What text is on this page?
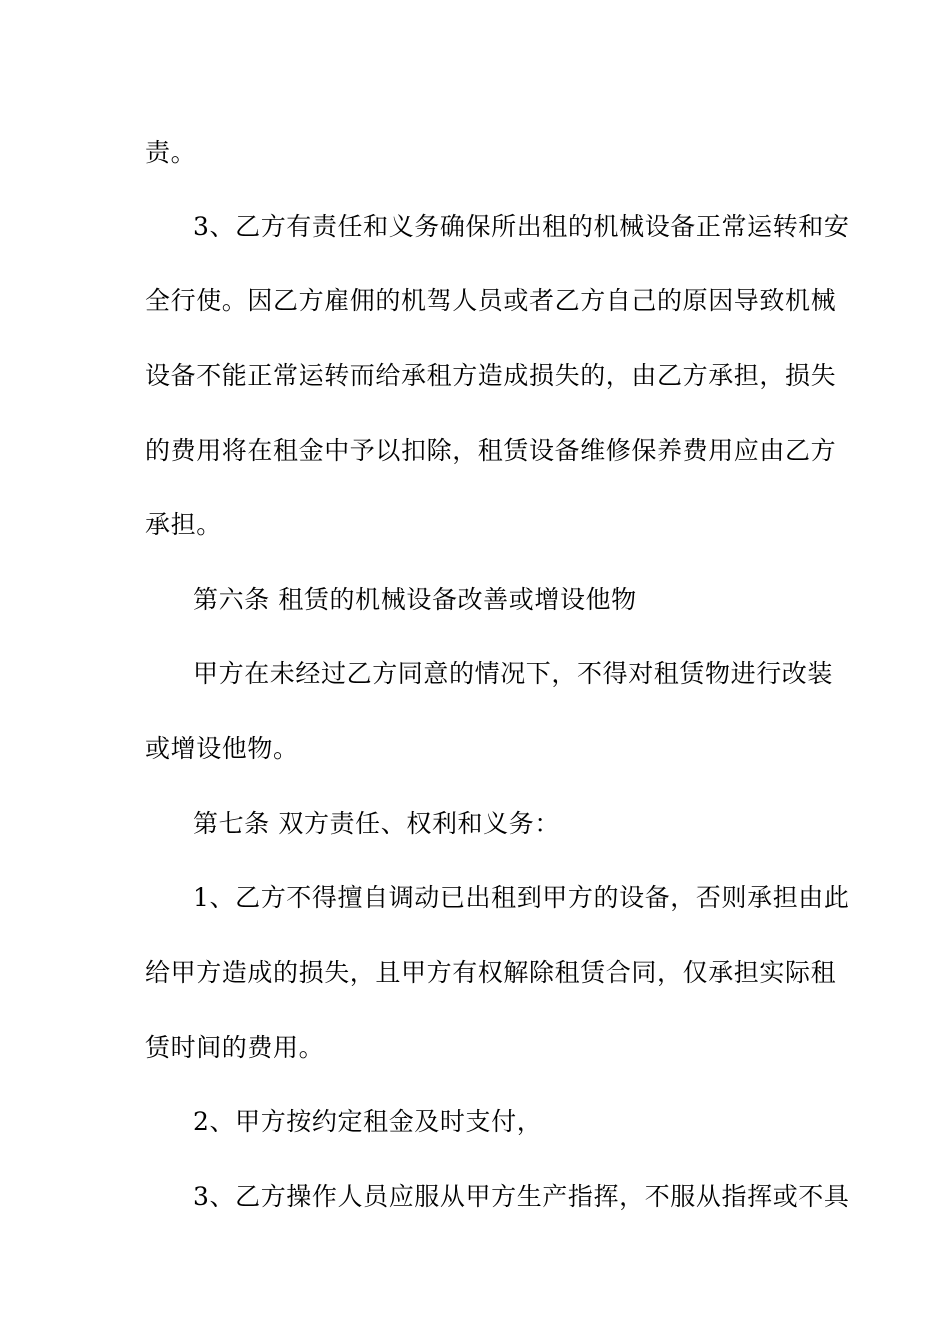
责。
3、乙方有责任和义务确保所出租的机械设备正常运转和安
全行使。因乙方雇佣的机驾人员或者乙方自己的原因导致机械
设备不能正常运转而给承租方造成损失的，由乙方承担，损失
的费用将在租金中予以扣除，租赁设备维修保养费用应由乙方
承担。
第六条 租赁的机械设备改善或增设他物
甲方在未经过乙方同意的情况下，不得对租赁物进行改装
或增设他物。
第七条 双方责任、权利和义务：
1、乙方不得擅自调动已出租到甲方的设备，否则承担由此
给甲方造成的损失，且甲方有权解除租赁合同，仅承担实际租
赁时间的费用。
2、甲方按约定租金及时支付，
3、乙方操作人员应服从甲方生产指挥，不服从指挥或不具
